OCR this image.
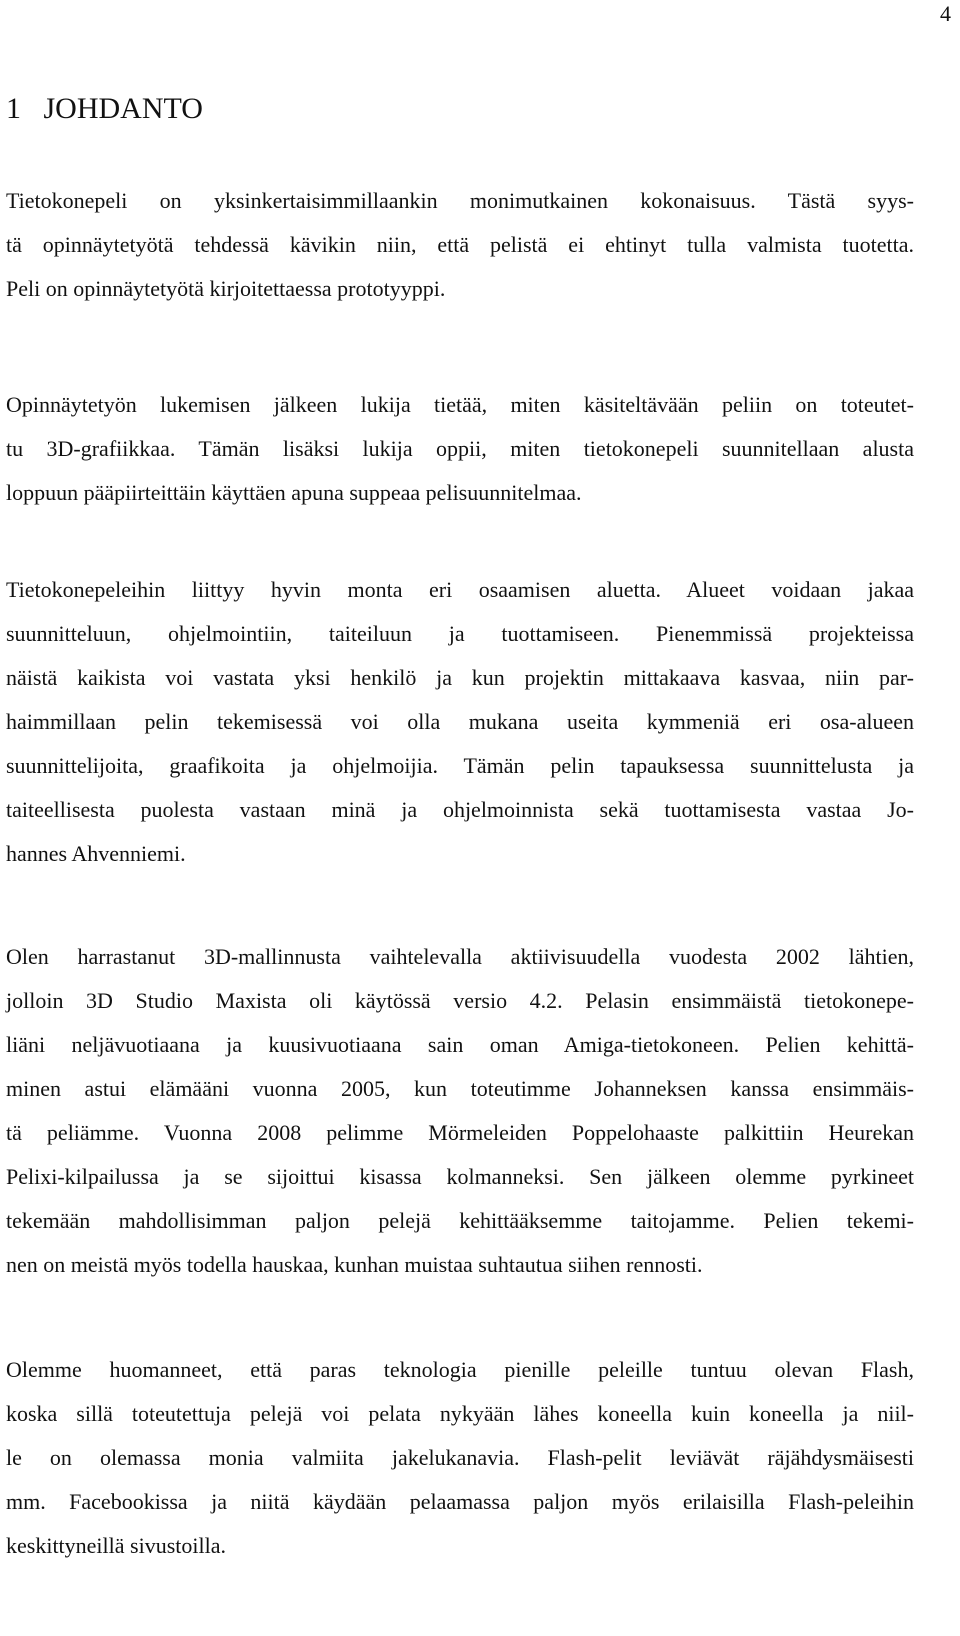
4
1 JOHDANTO
Tietokonepeli on yksinkertaisimmillaankin monimutkainen kokonaisuus. Tästä syys-
tä opinnäytetyötä tehdessä kävikin niin, että pelistä ei ehtinyt tulla valmista tuotetta.
Peli on opinnäytetyötä kirjoitettaessa prototyyppi.
Opinnäytetyön lukemisen jälkeen lukija tietää, miten käsiteltävään peliin on toteutet-
tu 3D-grafiikkaa. Tämän lisäksi lukija oppii, miten tietokonepeli suunnitellaan alusta
loppuun pääpiirteittäin käyttäen apuna suppeaa pelisuunnitelmaa.
Tietokonepeleihin liittyy hyvin monta eri osaamisen aluetta. Alueet voidaan jakaa
suunnitteluun, ohjelmointiin, taiteiluun ja tuottamiseen. Pienemmissä projekteissa
näistä kaikista voi vastata yksi henkilö ja kun projektin mittakaava kasvaa, niin par-
haimmillaan pelin tekemisessä voi olla mukana useita kymmeniä eri osa-alueen
suunnittelijoita, graafikoita ja ohjelmoijia. Tämän pelin tapauksessa suunnittelusta ja
taiteellisesta puolesta vastaan minä ja ohjelmoinnista sekä tuottamisesta vastaa Jo-
hannes Ahvenniemi.
Olen harrastanut 3D-mallinnusta vaihtelevalla aktiivisuudella vuodesta 2002 lähtien,
jolloin 3D Studio Maxista oli käytössä versio 4.2. Pelasin ensimmäistä tietokonepe-
liäni neljävuotiaana ja kuusivuotiaana sain oman Amiga-tietokoneen. Pelien kehittä-
minen astui elämääni vuonna 2005, kun toteutimme Johanneksen kanssa ensimmäis-
tä peliämme. Vuonna 2008 pelimme Mörmeleiden Poppelohaaste palkittiin Heurekan
Pelixi-kilpailussa ja se sijoittui kisassa kolmanneksi. Sen jälkeen olemme pyrkineet
tekemään mahdollisimman paljon pelejä kehittääksemme taitojamme. Pelien tekemi-
nen on meistä myös todella hauskaa, kunhan muistaa suhtautua siihen rennosti.
Olemme huomanneet, että paras teknologia pienille peleille tuntuu olevan Flash,
koska sillä toteutettuja pelejä voi pelata nykyään lähes koneella kuin koneella ja niil-
le on olemassa monia valmiita jakelukanavia. Flash-pelit leviävät räjähdysmäisesti
mm. Facebookissa ja niitä käydään pelaamassa paljon myös erilaisilla Flash-peleihin
keskittyneillä sivustoilla.
